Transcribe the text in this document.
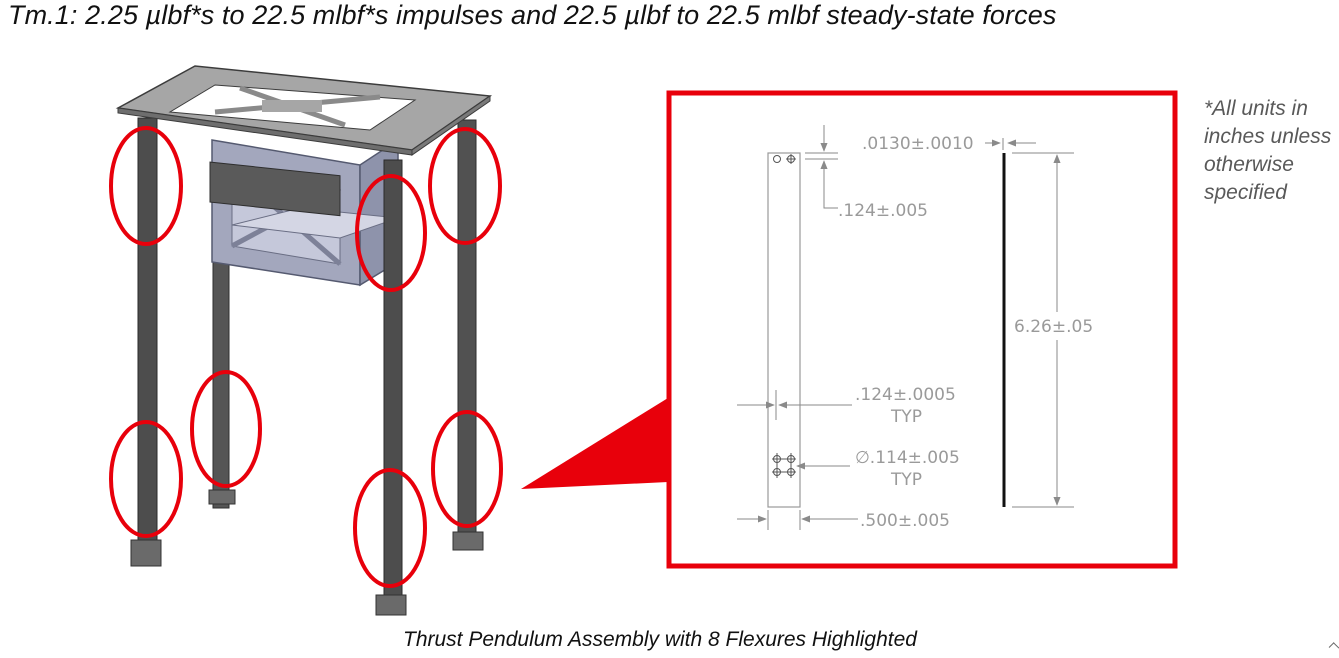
Tm.1: 2.25 µlbf*s to 22.5 mlbf*s impulses and 22.5 µlbf to 22.5 mlbf steady-state forces
.0130±.0010
.124±.005
6.26±.05
.124±.0005
TYP
∅.114±.005
TYP
.500±.005
*All units in
inches unless
otherwise
specified
Thrust Pendulum Assembly with 8 Flexures Highlighted
